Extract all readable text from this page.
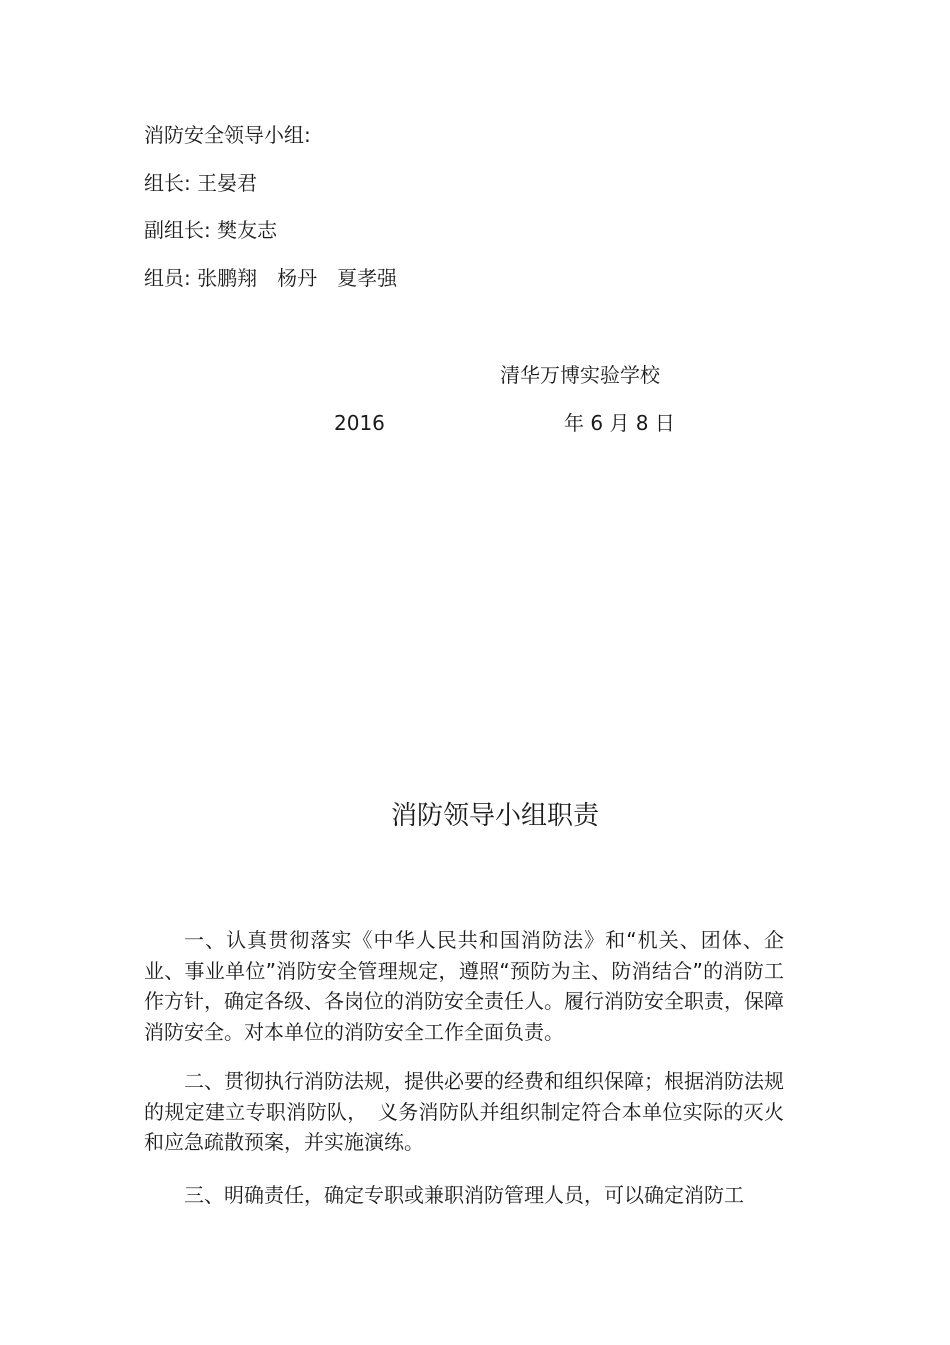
消防安全领导小组:

组长: 王晏君

副组长: 樊友志

组员: 张鹏翔 杨丹 夏孝强

清华万博实验学校

2016	年 6 月 8 日

消防领导小组职责

一、认真贯彻落实《中华人民共和国消防法》和“机关、团体、企业、事业单位”消防安全管理规定，遵照“预防为主、防消结合”的消防工作方针，确定各级、各岗位的消防安全责任人。履行消防安全职责，保障消防安全。对本单位的消防安全工作全面负责。

二、贯彻执行消防法规，提供必要的经费和组织保障；根据消防法规的规定建立专职消防队，　义务消防队并组织制定符合本单位实际的灭火和应急疏散预案，并实施演练。

三、明确责任，确定专职或兼职消防管理人员，可以确定消防工
